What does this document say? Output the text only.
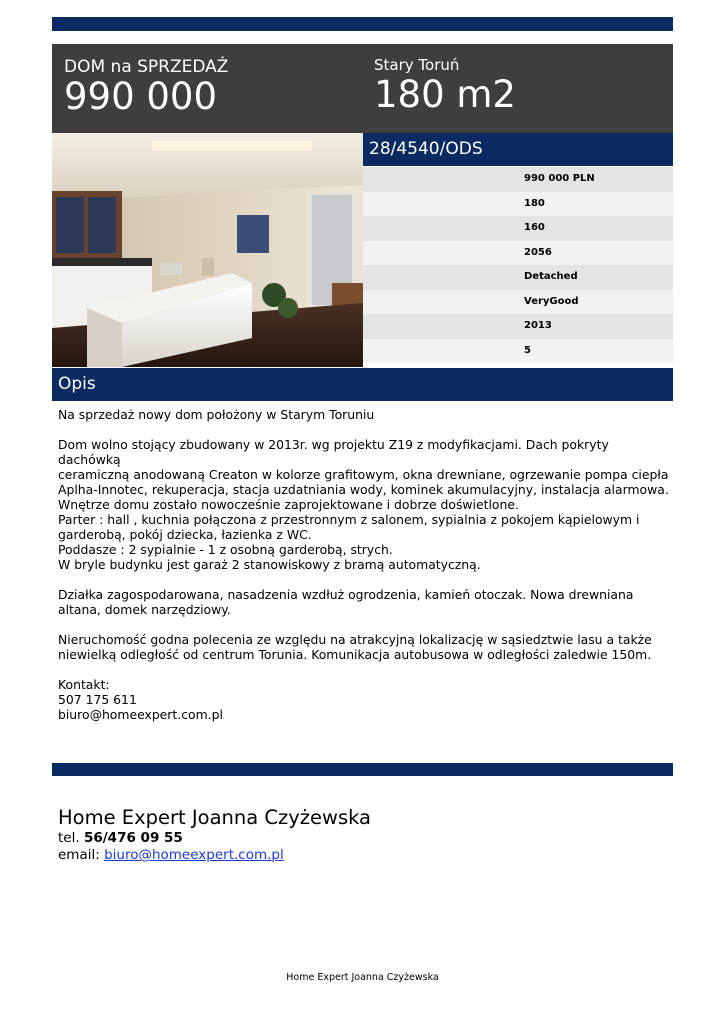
DOM na SPRZEDAŻ
990 000
Stary Toruń
180 m2
28/4540/ODS
990 000 PLN
180
160
2056
Detached
VeryGood
2013
5
Opis

Na sprzedaż nowy dom położony w Starym Toruniu

Dom wolno stojący zbudowany w 2013r. wg projektu Z19 z modyfikacjami. Dach pokryty dachówką
ceramiczną anodowaną Creaton w kolorze grafitowym, okna drewniane, ogrzewanie pompa ciepła
Aplha-Innotec, rekuperacja, stacja uzdatniania wody, kominek akumulacyjny, instalacja alarmowa.
Wnętrze domu zostało nowocześnie zaprojektowane i dobrze doświetlone.
Parter : hall , kuchnia połączona z przestronnym z salonem, sypialnia z pokojem kąpielowym i
garderobą, pokój dziecka, łazienka z WC.
Poddasze : 2 sypialnie - 1 z osobną garderobą, strych.
W bryle budynku jest garaż 2 stanowiskowy z bramą automatyczną.

Działka zagospodarowana, nasadzenia wzdłuż ogrodzenia, kamień otoczak. Nowa drewniana
altana, domek narzędziowy.

Nieruchomość godna polecenia ze względu na atrakcyjną lokalizację w sąsiedztwie lasu a także
niewielką odległość od centrum Torunia. Komunikacja autobusowa w odległości zaledwie 150m.

Kontakt:
507 175 611
biuro@homeexpert.com.pl

Home Expert Joanna Czyżewska
tel. 56/476 09 55
email: biuro@homeexpert.com.pl
Home Expert Joanna Czyżewska
